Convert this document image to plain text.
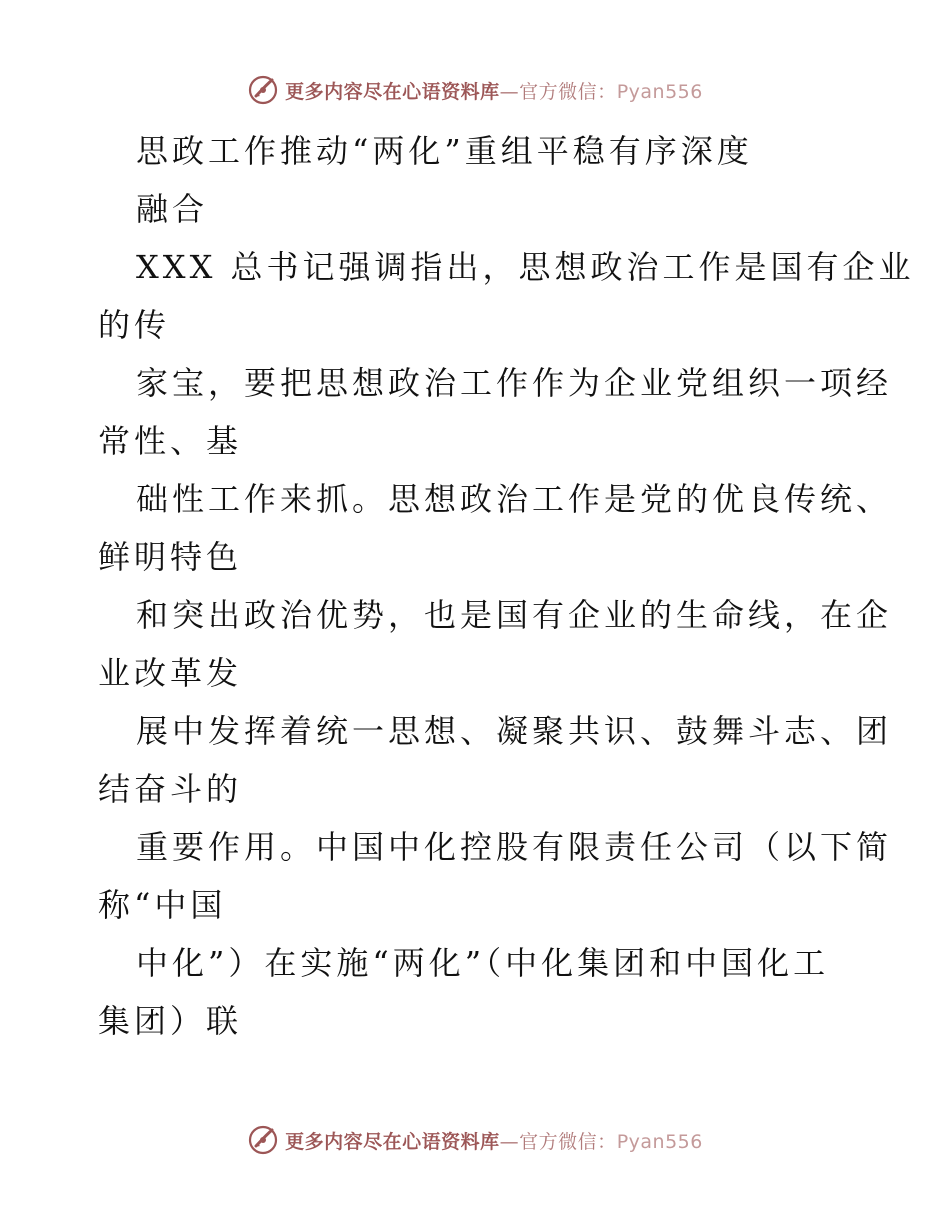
更多内容尽在心语资料库—官方微信：Pyan556

思政工作推动“两化”重组平稳有序深度

融合

XXX 总书记强调指出，思想政治工作是国有企业

的传

家宝，要把思想政治工作作为企业党组织一项经

常性、基

础性工作来抓。思想政治工作是党的优良传统、

鲜明特色

和突出政治优势，也是国有企业的生命线，在企

业改革发

展中发挥着统一思想、凝聚共识、鼓舞斗志、团

结奋斗的

重要作用。中国中化控股有限责任公司（以下简

称“中国

中化”）在实施“两化”（中化集团和中国化工

集团）联

更多内容尽在心语资料库—官方微信：Pyan556
